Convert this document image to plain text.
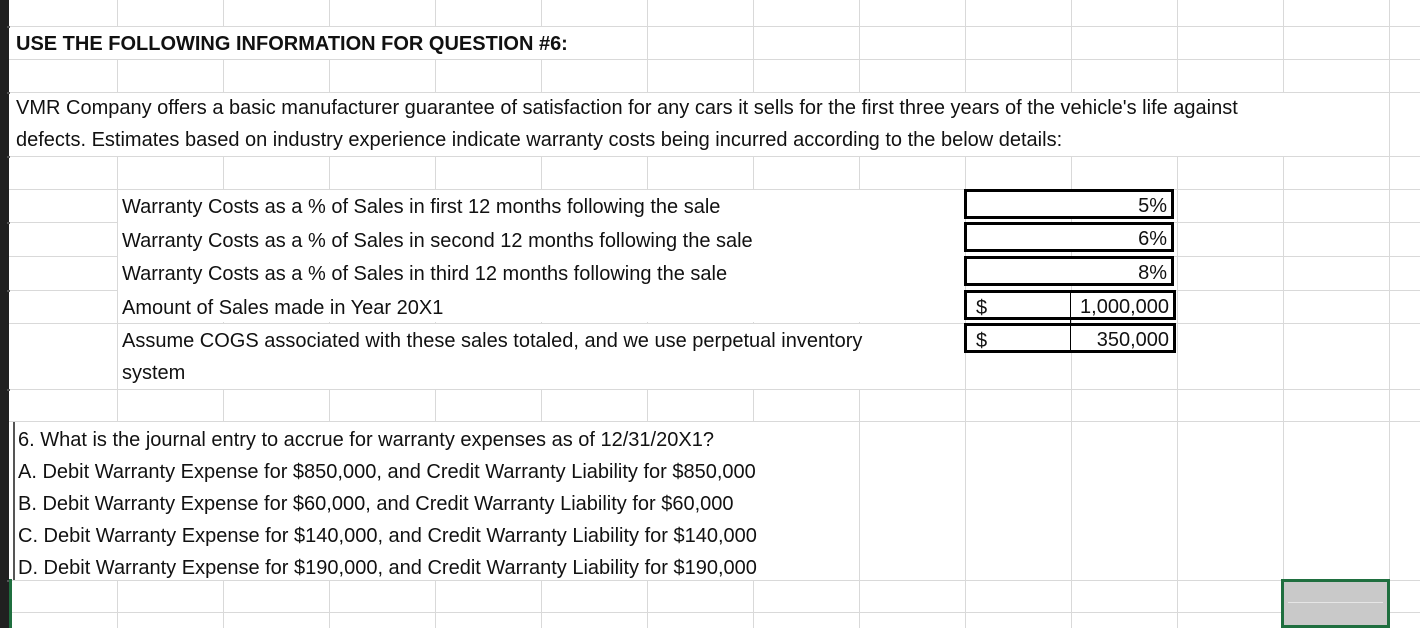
USE THE FOLLOWING INFORMATION FOR QUESTION #6:
VMR Company offers a basic manufacturer guarantee of satisfaction for any cars it sells for the first three years of the vehicle's life against
defects. Estimates based on industry experience indicate warranty costs being incurred according to the below details:
Warranty Costs as a % of Sales in first 12 months following the sale
Warranty Costs as a % of Sales in second 12 months following the sale
Warranty Costs as a % of Sales in third 12 months following the sale
Amount of Sales made in Year 20X1
Assume COGS associated with these sales totaled, and we use perpetual inventory
system
5%
6%
8%
1,000,000
350,000
$
$
6. What is the journal entry to accrue for warranty expenses as of 12/31/20X1?
A. Debit Warranty Expense for $850,000, and Credit Warranty Liability for $850,000
B. Debit Warranty Expense for $60,000, and Credit Warranty Liability for $60,000
C. Debit Warranty Expense for $140,000, and Credit Warranty Liability for $140,000
D. Debit Warranty Expense for $190,000, and Credit Warranty Liability for $190,000
